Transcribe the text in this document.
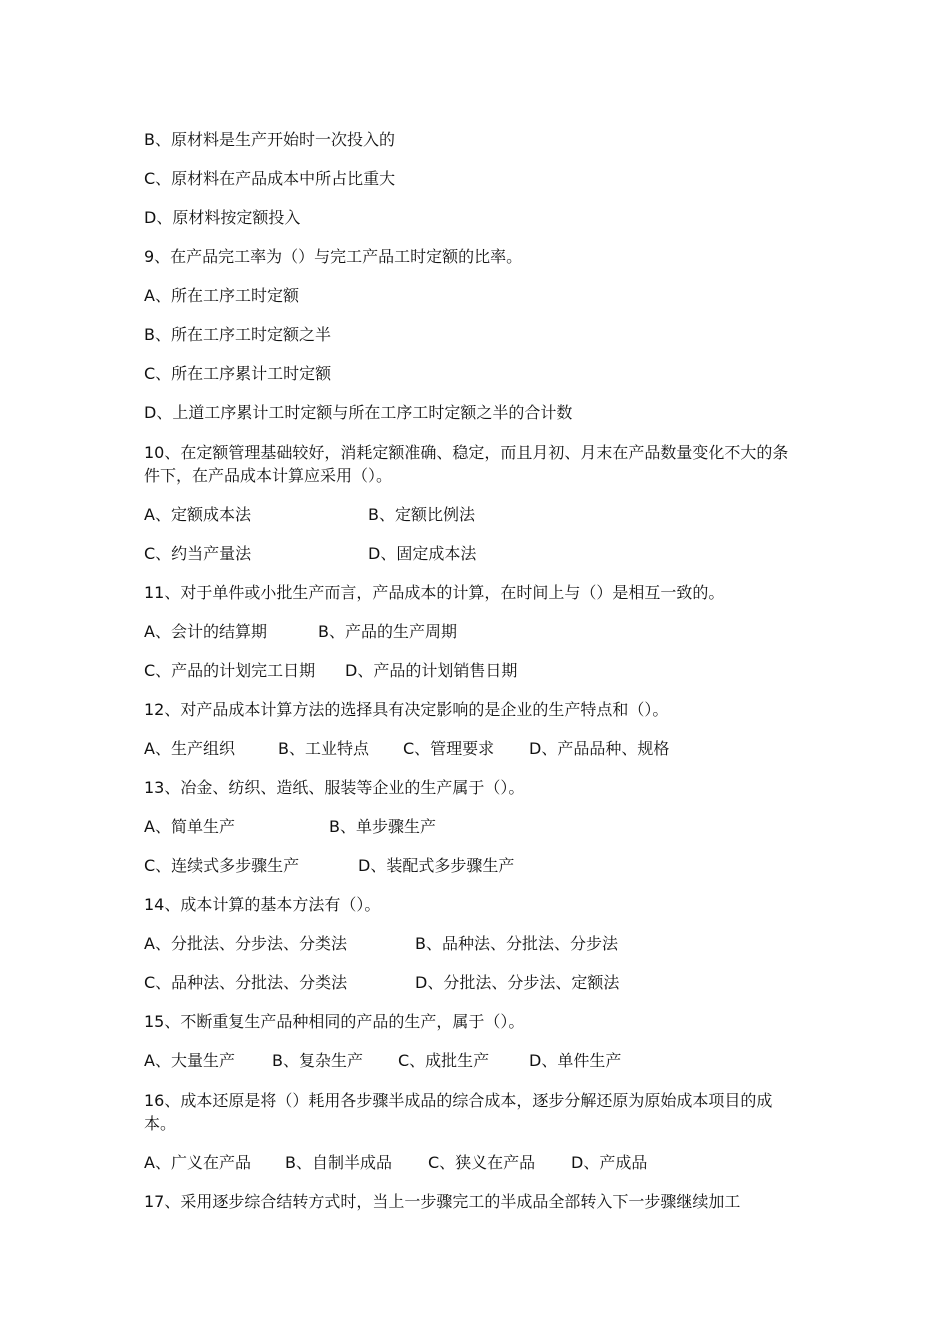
B、原材料是生产开始时一次投入的
C、原材料在产品成本中所占比重大
D、原材料按定额投入
9、在产品完工率为（）与完工产品工时定额的比率。
A、所在工序工时定额
B、所在工序工时定额之半
C、所在工序累计工时定额
D、上道工序累计工时定额与所在工序工时定额之半的合计数
10、在定额管理基础较好，消耗定额准确、稳定，而且月初、月末在产品数量变化不大的条件下，在产品成本计算应采用（）。
A、定额成本法	B、定额比例法
C、约当产量法	D、固定成本法
11、对于单件或小批生产而言，产品成本的计算，在时间上与（）是相互一致的。
A、会计的结算期	B、产品的生产周期
C、产品的计划完工日期 D、产品的计划销售日期
12、对产品成本计算方法的选择具有决定影响的是企业的生产特点和（）。
A、生产组织	B、工业特点 C、管理要求 D、产品品种、规格
13、冶金、纺织、造纸、服装等企业的生产属于（）。
A、简单生产	B、单步骤生产
C、连续式多步骤生产	D、装配式多步骤生产
14、成本计算的基本方法有（）。
A、分批法、分步法、分类法	B、品种法、分批法、分步法
C、品种法、分批法、分类法	D、分批法、分步法、定额法
15、不断重复生产品种相同的产品的生产，属于（）。
A、大量生产 B、复杂生产 C、成批生产 D、单件生产
16、成本还原是将（）耗用各步骤半成品的综合成本，逐步分解还原为原始成本项目的成本。
A、广义在产品 B、自制半成品 C、狭义在产品 D、产成品
17、采用逐步综合结转方式时，当上一步骤完工的半成品全部转入下一步骤继续加工
